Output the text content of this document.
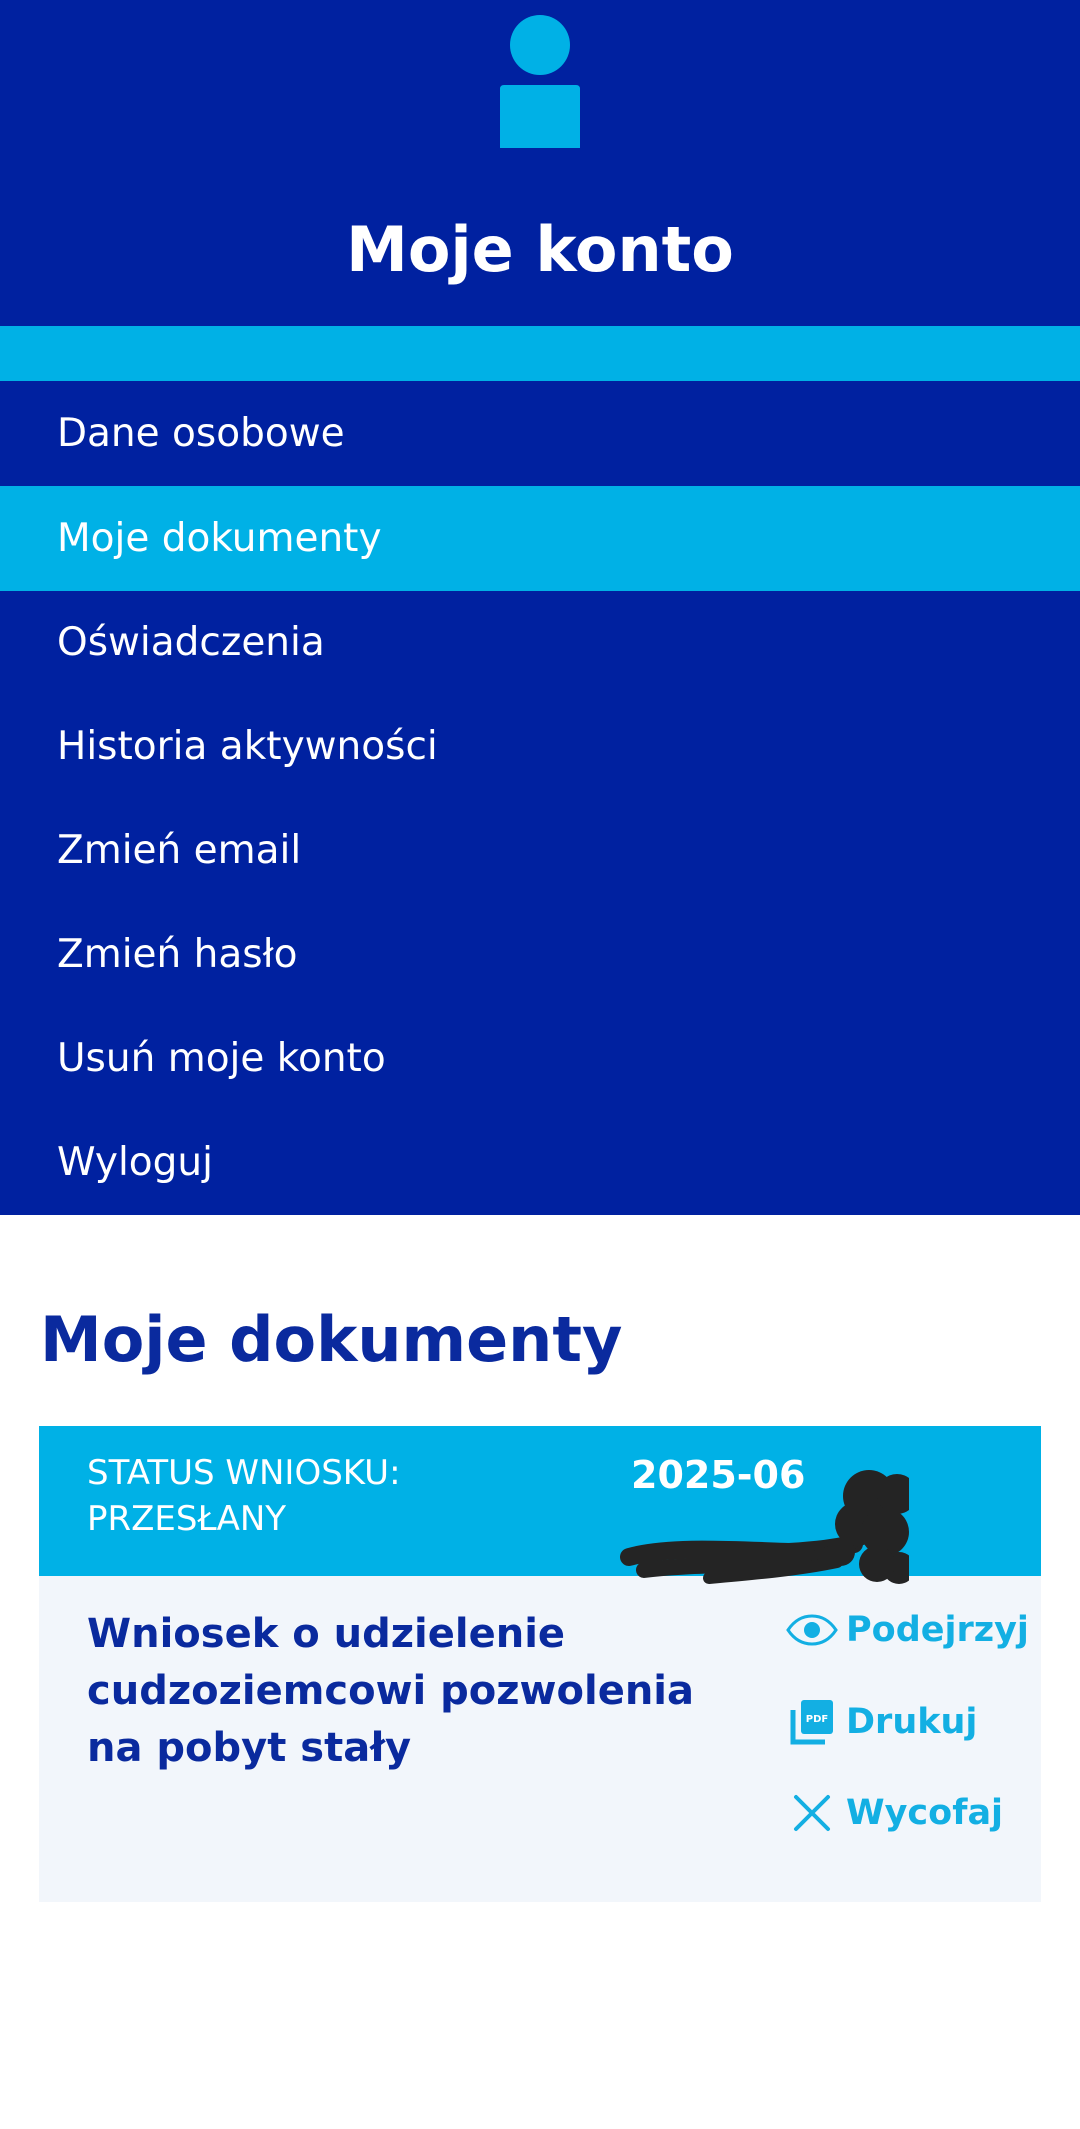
Moje konto
Dane osobowe
Moje dokumenty
Oświadczenia
Historia aktywności
Zmień email
Zmień hasło
Usuń moje konto
Wyloguj
Moje dokumenty
STATUS WNIOSKU:
PRZESŁANY
2025-06
Wniosek o udzielenie cudzoziemcowi pozwolenia na pobyt stały
Podejrzyj
PDF Drukuj
Wycofaj
